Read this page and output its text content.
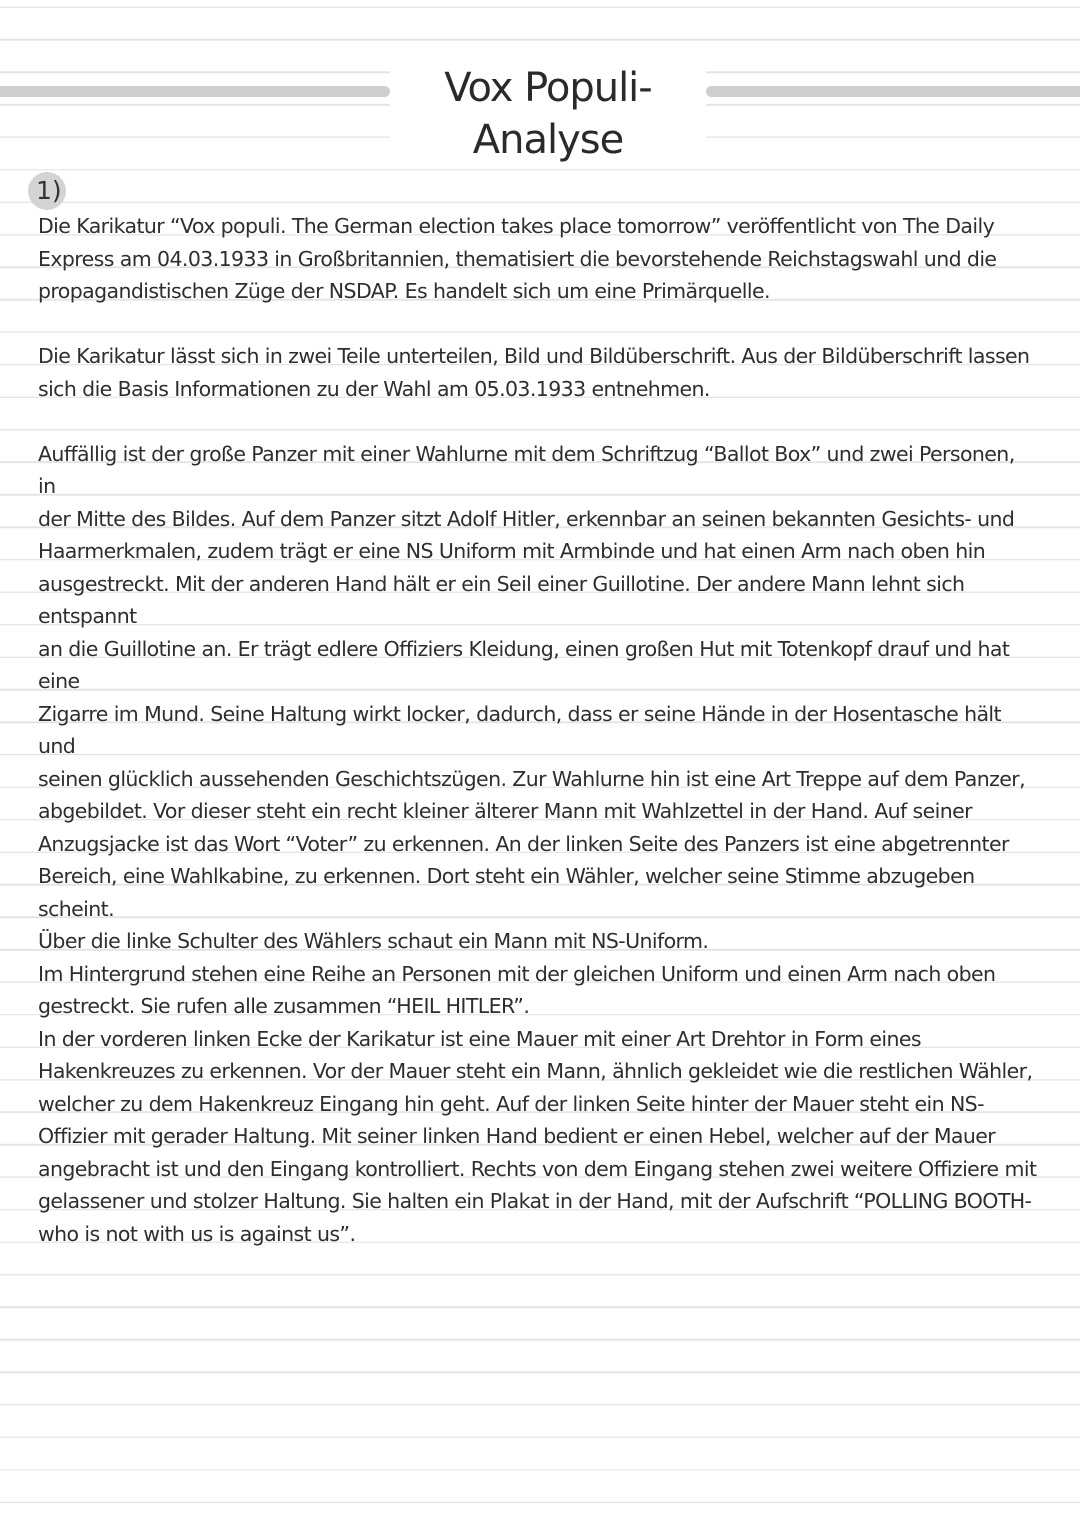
Vox Populi- Analyse
1)

Die Karikatur “Vox populi. The German election takes place tomorrow” veröffentlicht von The Daily
Express am 04.03.1933 in Großbritannien, thematisiert die bevorstehende Reichstagswahl und die
propagandistischen Züge der NSDAP. Es handelt sich um eine Primärquelle.

Die Karikatur lässt sich in zwei Teile unterteilen, Bild und Bildüberschrift. Aus der Bildüberschrift lassen
sich die Basis Informationen zu der Wahl am 05.03.1933 entnehmen.

Auffällig ist der große Panzer mit einer Wahlurne mit dem Schriftzug “Ballot Box” und zwei Personen, in
der Mitte des Bildes. Auf dem Panzer sitzt Adolf Hitler, erkennbar an seinen bekannten Gesichts- und
Haarmerkmalen, zudem trägt er eine NS Uniform mit Armbinde und hat einen Arm nach oben hin
ausgestreckt. Mit der anderen Hand hält er ein Seil einer Guillotine. Der andere Mann lehnt sich entspannt
an die Guillotine an. Er trägt edlere Offiziers Kleidung, einen großen Hut mit Totenkopf drauf und hat eine
Zigarre im Mund. Seine Haltung wirkt locker, dadurch, dass er seine Hände in der Hosentasche hält und
seinen glücklich aussehenden Geschichtszügen. Zur Wahlurne hin ist eine Art Treppe auf dem Panzer,
abgebildet. Vor dieser steht ein recht kleiner älterer Mann mit Wahlzettel in der Hand. Auf seiner
Anzugsjacke ist das Wort “Voter” zu erkennen. An der linken Seite des Panzers ist eine abgetrennter
Bereich, eine Wahlkabine, zu erkennen. Dort steht ein Wähler, welcher seine Stimme abzugeben scheint.
Über die linke Schulter des Wählers schaut ein Mann mit NS-Uniform.
Im Hintergrund stehen eine Reihe an Personen mit der gleichen Uniform und einen Arm nach oben
gestreckt. Sie rufen alle zusammen “HEIL HITLER”.
In der vorderen linken Ecke der Karikatur ist eine Mauer mit einer Art Drehtor in Form eines
Hakenkreuzes zu erkennen. Vor der Mauer steht ein Mann, ähnlich gekleidet wie die restlichen Wähler,
welcher zu dem Hakenkreuz Eingang hin geht. Auf der linken Seite hinter der Mauer steht ein NS-
Offizier mit gerader Haltung. Mit seiner linken Hand bedient er einen Hebel, welcher auf der Mauer
angebracht ist und den Eingang kontrolliert. Rechts von dem Eingang stehen zwei weitere Offiziere mit
gelassener und stolzer Haltung. Sie halten ein Plakat in der Hand, mit der Aufschrift “POLLING BOOTH-
who is not with us is against us”.
